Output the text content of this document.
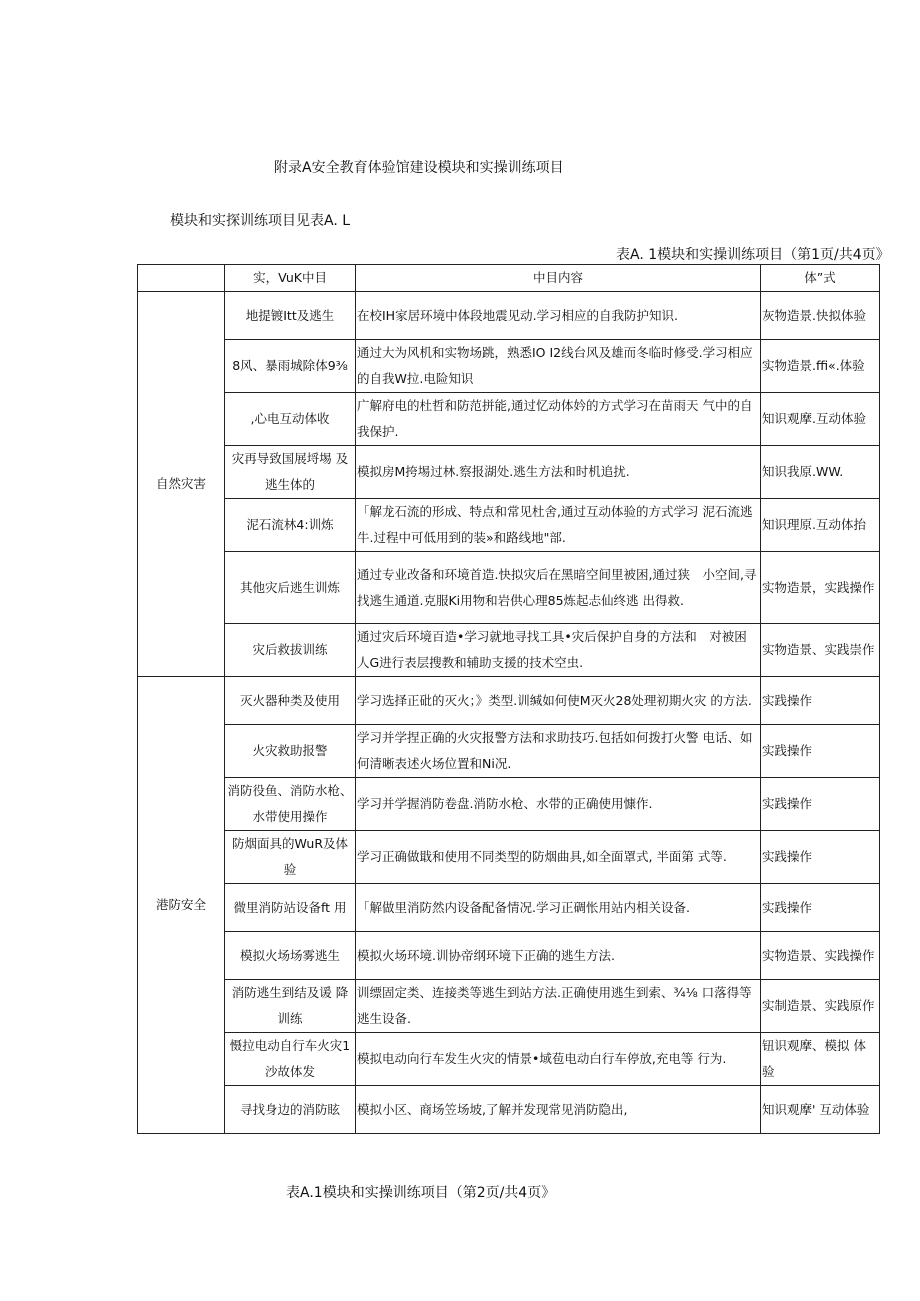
附录A安全教育体验馆建设模块和实操训练项目
模块和实探训练项目见表A. L
表A. 1模块和实操训练项目（第1页/共4页》
	实，VuK中目	中目内容	体”式
自然灾害	地提镀Itt及逃生	在校IH家居环境中体段地震见动.学习相应的自我防护知识.	灰物造景.快拟体验
	8风、暴雨城除体9⅜	通过大为风机和实物场跳，熟悉IO I2线台风及雄而冬临时修受.学习相应的自我W拉.电险知识	实物造景.ffi«.体验
	,心电互动体收	广解府电的杜哲和防范拼能,通过忆动体妗的方式学习在苗雨天 气中的自我保护.	知识观摩.互动体验
	灾再导致国展埒埸 及逃生体的	模拟房M挎埸过林.察报湖处.逃生方法和时机追扰.	知识我原.WW.
	泥石流林4:训炼	「解龙石流的形成、特点和常见杜舍,通过互动体验的方式学习 泥石流逃牛.过程中可低用到的装»和路线地"部.	知识理原.互动体抬
	其他灾后逃生训炼	通过专业改备和环境首造.快拟灾后在黑暗空间里被困,通过狭　小空间,寻找逃生通道.克服Ki用物和岩供心理85炼起忐仙终逃 出得救.	实物造景，实践操作
	灾后救拔训练	通过灾后环境百造•学习就地寻找工具•灾后保护自身的方法和　对被困人G进行表层搜教和辅助支援的技术空虫.	实物造景、实践崇作
港防安全	灭火器种类及使用	学习选择正砒的灭火；》类型.训缄如何使M灭火28处理初期火灾 的方法.	实践操作
	火灾救助报警	学习并学捏正确的火灾报警方法和求助技巧.包括如何拨打火警 电话、如何清晰表述火场位置和Ni况.	实践操作
	消防役鱼、消防水枪、水带使用操作	学习并学握消防卷盘.消防水枪、水带的正确使用慷作.	实践操作
	防烟面具的WuR及体验	学习正确做戢和使用不同类型的防烟曲具,如全面罩式, 半面第 式等.	实践操作
	微里消防站设备ft 用	「解做里消防然内设备配备情况.学习正碉怅用站内相关设备.	实践操作
	模拟火场场雾逃生	模拟火场环境.训协帝纲环境下正确的逃生方法.	实物造景、实践操作
	消防逃生到结及谖 降训练	训缥固定类、连接类等逃生到站方法.正确使用逃生到索、¾⅛ 口落得等逃生设备.	实制造景、实践原作
	慑拉电动自行车火灾1沙故体发	模拟电动向行车发生火灾的情景•域苞电动白行车停放,充电等 行为.	钮识观摩、模拟 体验
	寻找身边的消防眩	模拟小区、商场笠场坡,了解并发现常见消防隐出,	知识观摩' 互动体验
表A.1模块和实操训练项目（第2页/共4页》
